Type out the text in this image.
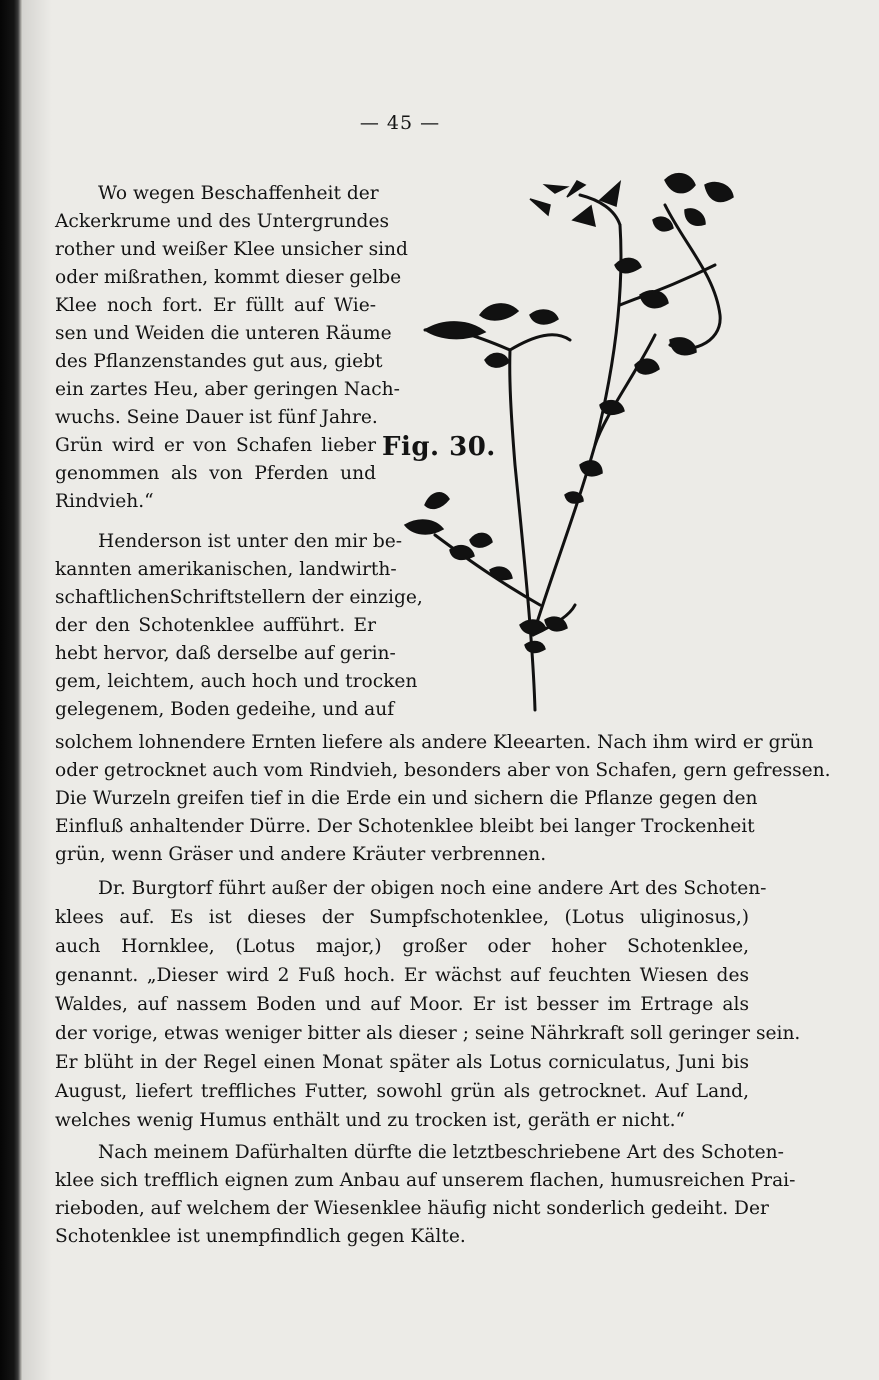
— 45 —
Wo wegen Beschaffenheit der
Ackerkrume und des Untergrundes
rother und weißer Klee unsicher sind
oder mißrathen, kommt dieser gelbe
Klee noch fort. Er füllt auf Wie-
sen und Weiden die unteren Räume
des Pflanzenstandes gut aus, giebt
ein zartes Heu, aber geringen Nach-
wuchs. Seine Dauer ist fünf Jahre.
Grün wird er von Schafen lieber
genommen als von Pferden und
Rindvieh.“
Henderson ist unter den mir be-
kannten amerikanischen, landwirth-
schaftlichenSchriftstellern der einzige,
der den Schotenklee aufführt. Er
hebt hervor, daß derselbe auf gerin-
gem, leichtem, auch hoch und trocken
gelegenem, Boden gedeihe, und auf
solchem lohnendere Ernten liefere als andere Kleearten. Nach ihm wird er grün
oder getrocknet auch vom Rindvieh, besonders aber von Schafen, gern gefressen.
Die Wurzeln greifen tief in die Erde ein und sichern die Pflanze gegen den
Einfluß anhaltender Dürre. Der Schotenklee bleibt bei langer Trockenheit
grün, wenn Gräser und andere Kräuter verbrennen.
Dr. Burgtorf führt außer der obigen noch eine andere Art des Schoten-
klees auf. Es ist dieses der Sumpfschotenklee, (Lotus uliginosus,)
auch Hornklee, (Lotus major,) großer oder hoher Schotenklee,
genannt. „Dieser wird 2 Fuß hoch. Er wächst auf feuchten Wiesen des
Waldes, auf nassem Boden und auf Moor. Er ist besser im Ertrage als
der vorige, etwas weniger bitter als dieser ; seine Nährkraft soll geringer sein.
Er blüht in der Regel einen Monat später als Lotus corniculatus, Juni bis
August, liefert treffliches Futter, sowohl grün als getrocknet. Auf Land,
welches wenig Humus enthält und zu trocken ist, geräth er nicht.“
Nach meinem Dafürhalten dürfte die letztbeschriebene Art des Schoten-
klee sich trefflich eignen zum Anbau auf unserem flachen, humusreichen Prai-
rieboden, auf welchem der Wiesenklee häufig nicht sonderlich gedeiht. Der
Schotenklee ist unempfindlich gegen Kälte.
Fig. 30.
